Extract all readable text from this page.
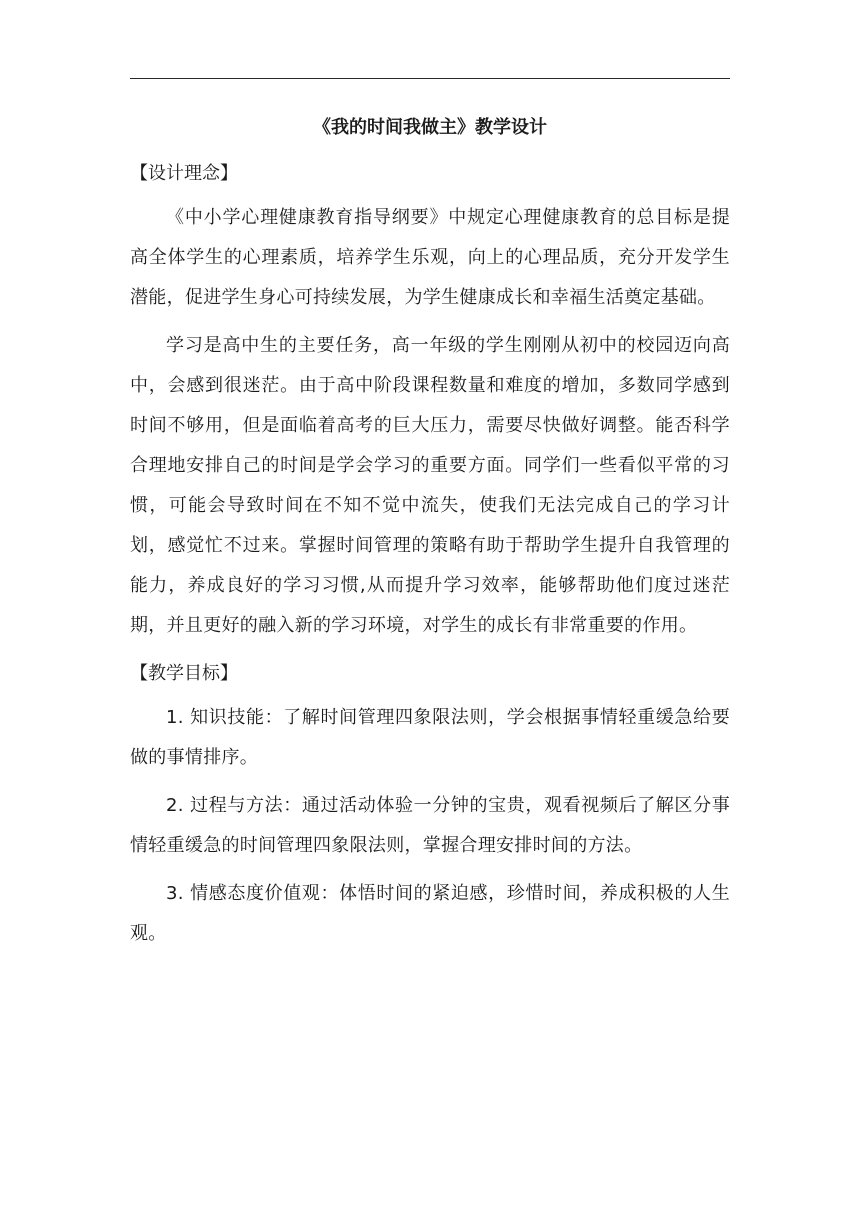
《我的时间我做主》教学设计
【设计理念】

《中小学心理健康教育指导纲要》中规定心理健康教育的总目标是提高全体学生的心理素质，培养学生乐观，向上的心理品质，充分开发学生潜能，促进学生身心可持续发展，为学生健康成长和幸福生活奠定基础。

学习是高中生的主要任务，高一年级的学生刚刚从初中的校园迈向高中，会感到很迷茫。由于高中阶段课程数量和难度的增加，多数同学感到时间不够用，但是面临着高考的巨大压力，需要尽快做好调整。能否科学合理地安排自己的时间是学会学习的重要方面。同学们一些看似平常的习惯，可能会导致时间在不知不觉中流失，使我们无法完成自己的学习计划，感觉忙不过来。掌握时间管理的策略有助于帮助学生提升自我管理的能力，养成良好的学习习惯,从而提升学习效率，能够帮助他们度过迷茫期，并且更好的融入新的学习环境，对学生的成长有非常重要的作用。

【教学目标】

1. 知识技能：了解时间管理四象限法则，学会根据事情轻重缓急给要做的事情排序。

2. 过程与方法：通过活动体验一分钟的宝贵，观看视频后了解区分事情轻重缓急的时间管理四象限法则，掌握合理安排时间的方法。

3. 情感态度价值观：体悟时间的紧迫感，珍惜时间，养成积极的人生观。
